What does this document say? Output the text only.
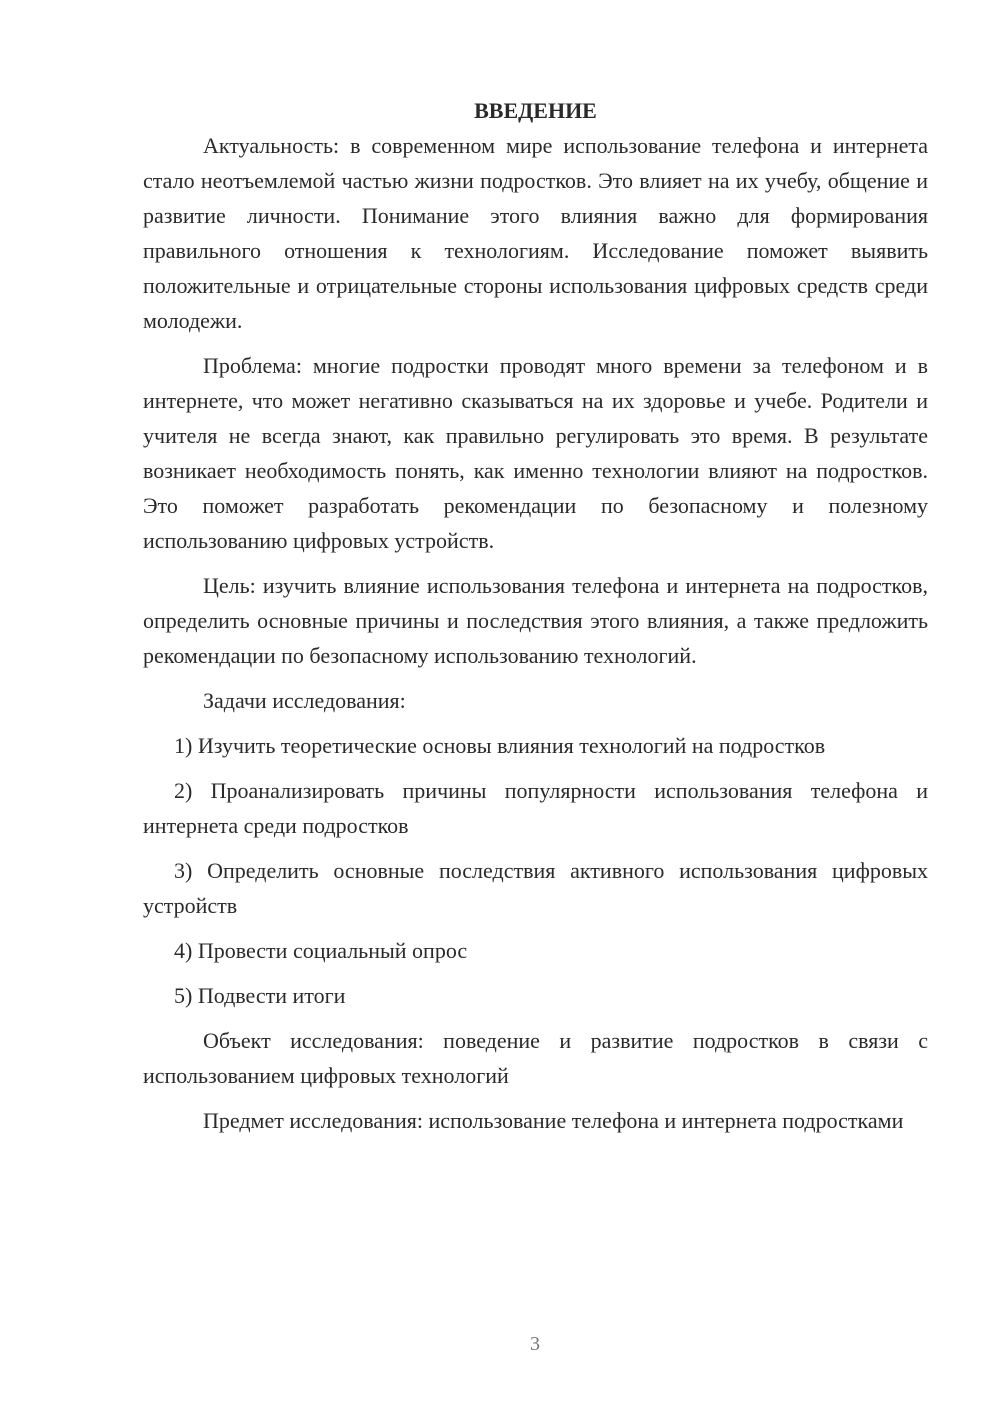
ВВЕДЕНИЕ

Актуальность: в современном мире использование телефона и интернета стало неотъемлемой частью жизни подростков. Это влияет на их учебу, общение и развитие личности. Понимание этого влияния важно для формирования правильного отношения к технологиям. Исследование поможет выявить положительные и отрицательные стороны использования цифровых средств среди молодежи.

Проблема: многие подростки проводят много времени за телефоном и в интернете, что может негативно сказываться на их здоровье и учебе. Родители и учителя не всегда знают, как правильно регулировать это время. В результате возникает необходимость понять, как именно технологии влияют на подростков. Это поможет разработать рекомендации по безопасному и полезному использованию цифровых устройств.

Цель: изучить влияние использования телефона и интернета на подростков, определить основные причины и последствия этого влияния, а также предложить рекомендации по безопасному использованию технологий.

Задачи исследования:

1) Изучить теоретические основы влияния технологий на подростков

2) Проанализировать причины популярности использования телефона и интернета среди подростков

3) Определить основные последствия активного использования цифровых устройств

4) Провести социальный опрос

5) Подвести итоги

Объект исследования: поведение и развитие подростков в связи с использованием цифровых технологий

Предмет исследования: использование телефона и интернета подростками

3
